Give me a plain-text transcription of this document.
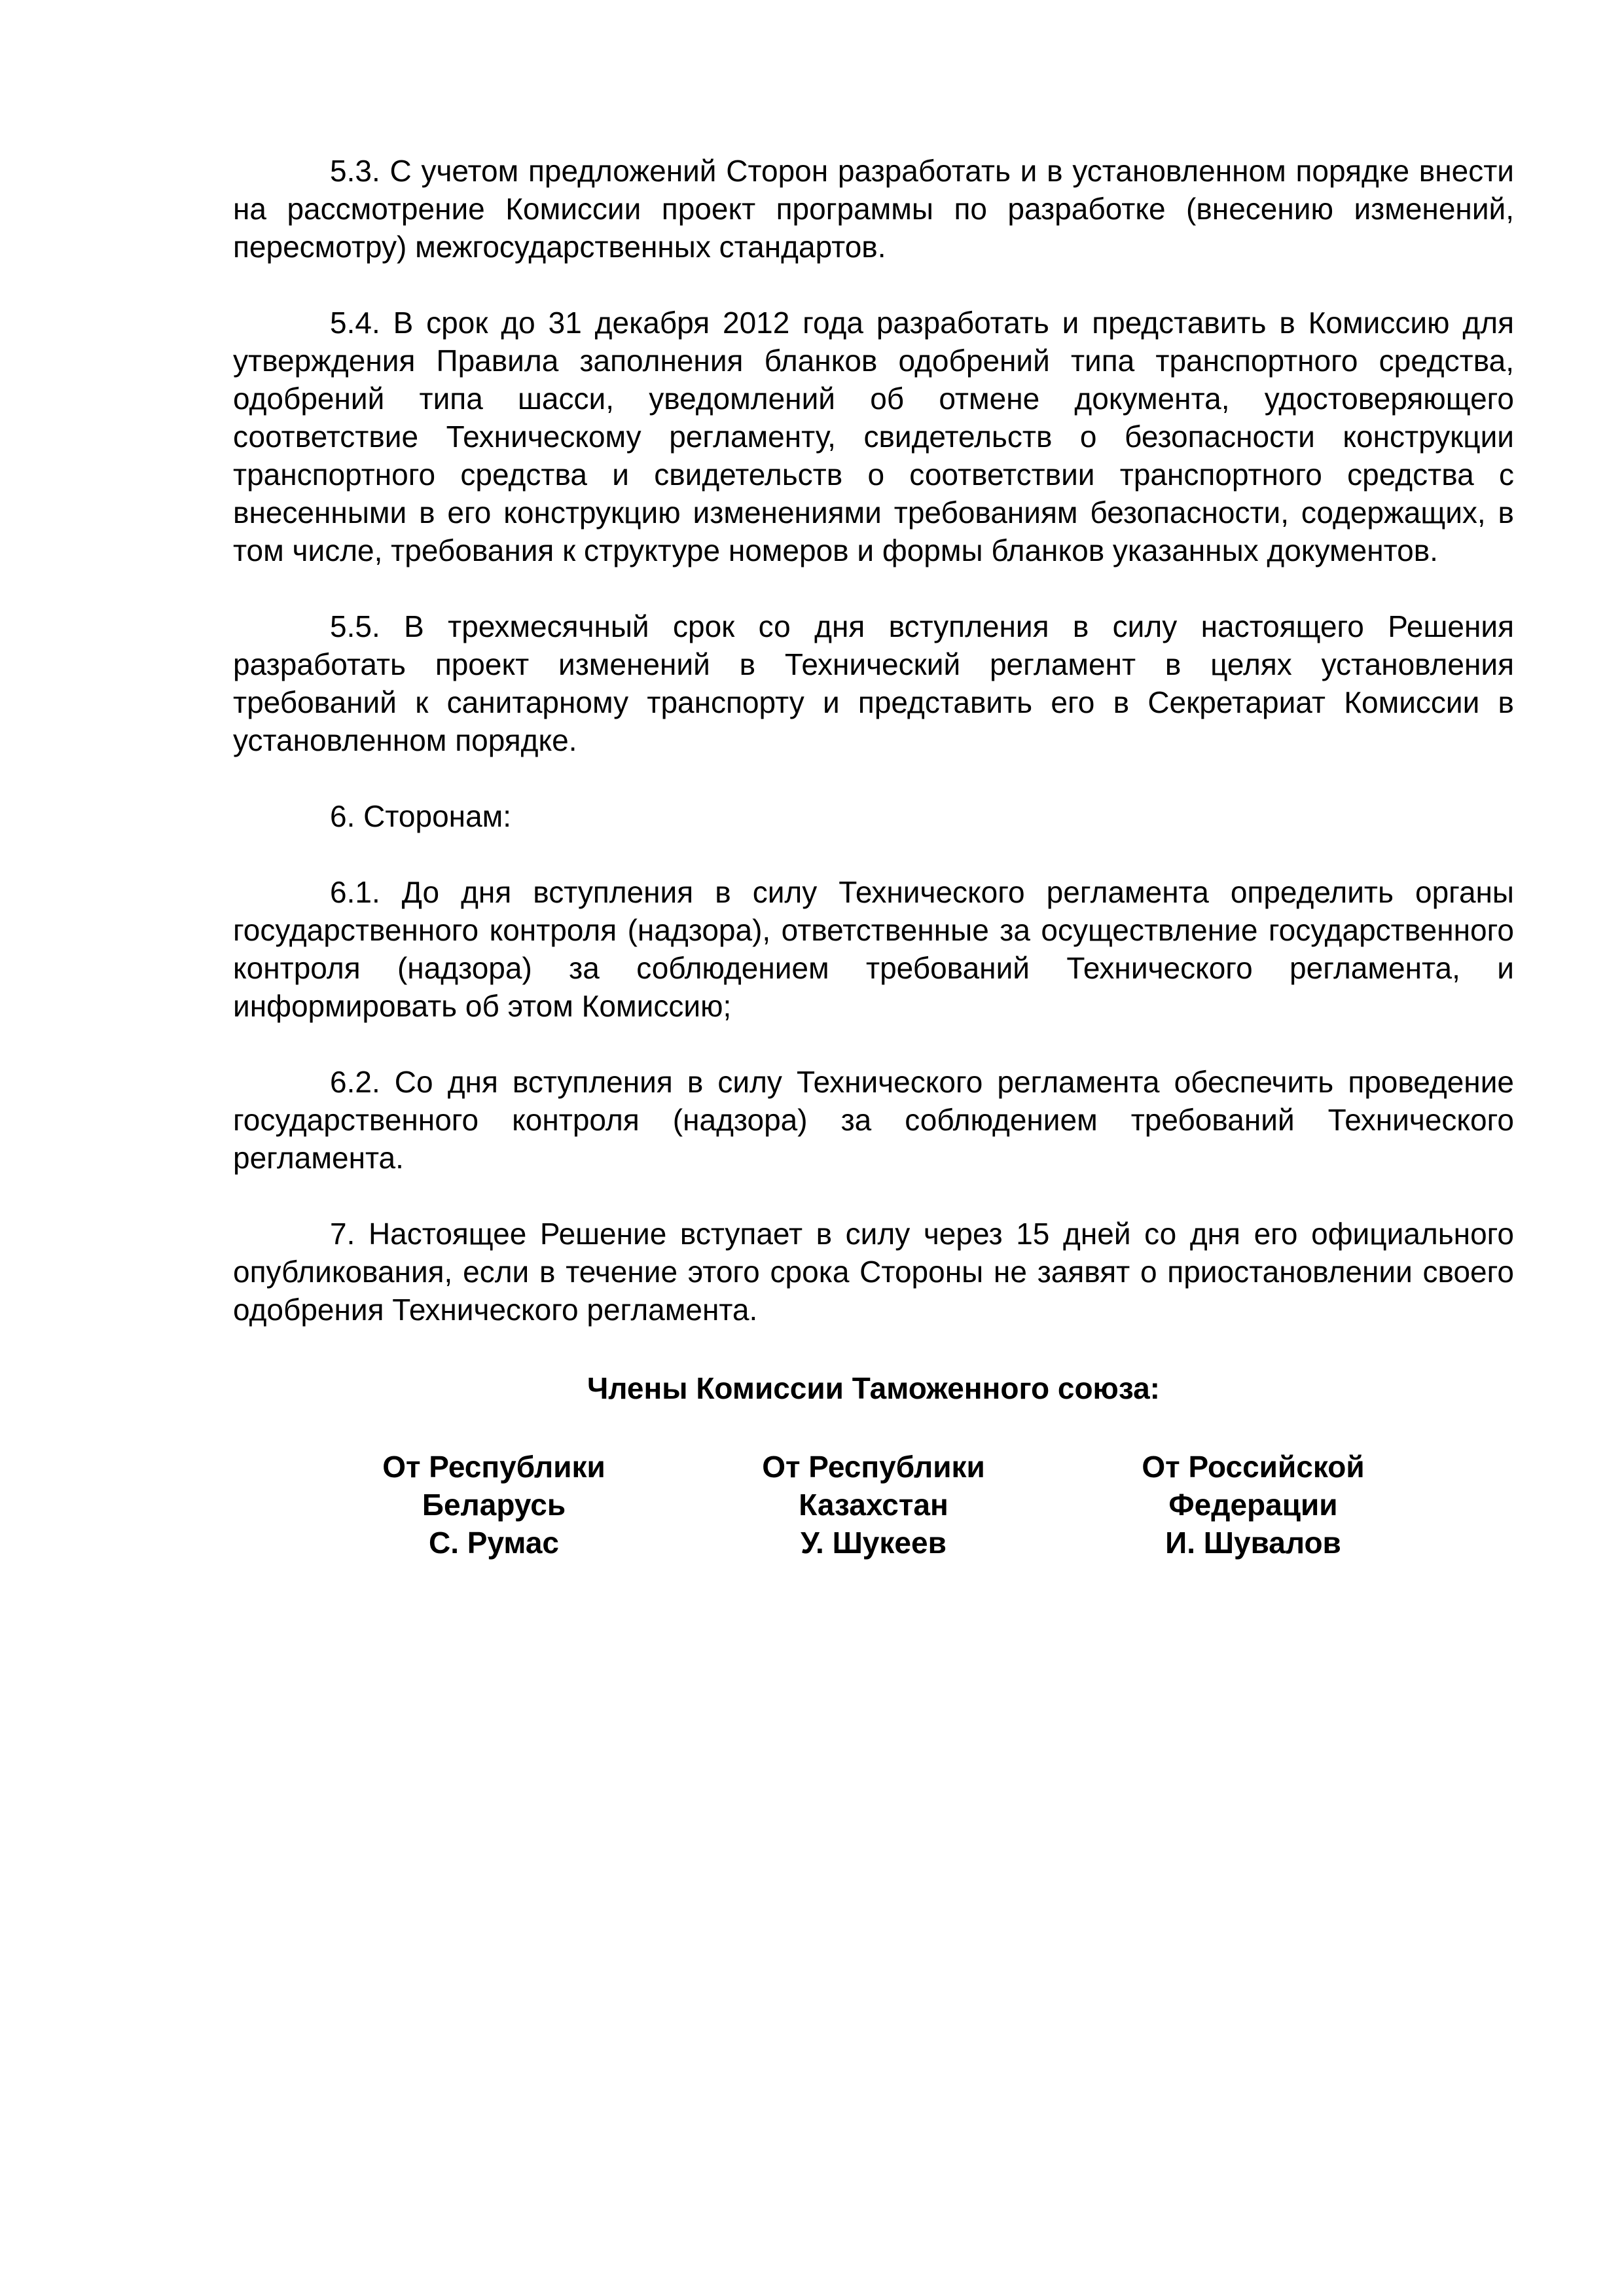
5.3. С учетом предложений Сторон разработать и в установленном порядке внести на рассмотрение Комиссии проект программы по разработке (внесению изменений, пересмотру) межгосударственных стандартов.

5.4. В срок до 31 декабря 2012 года разработать и представить в Комиссию для утверждения Правила заполнения бланков одобрений типа транспортного средства, одобрений типа шасси, уведомлений об отмене документа, удостоверяющего соответствие Техническому регламенту, свидетельств о безопасности конструкции транспортного средства и свидетельств о соответствии транспортного средства с внесенными в его конструкцию изменениями требованиям безопасности, содержащих, в том числе, требования к структуре номеров и формы бланков указанных документов.

5.5. В трехмесячный срок со дня вступления в силу настоящего Решения разработать проект изменений в Технический регламент в целях установления требований к санитарному транспорту и представить его в Секретариат Комиссии в установленном порядке.

6. Сторонам:

6.1. До дня вступления в силу Технического регламента определить органы государственного контроля (надзора), ответственные за осуществление государственного контроля (надзора) за соблюдением требований Технического регламента, и информировать об этом Комиссию;

6.2. Со дня вступления в силу Технического регламента обеспечить проведение государственного контроля (надзора) за соблюдением требований Технического регламента.

7. Настоящее Решение вступает в силу через 15 дней со дня его официального опубликования, если в течение этого срока Стороны не заявят о приостановлении своего одобрения Технического регламента.

Члены Комиссии Таможенного союза:

От Республики
Беларусь
С. Румас
От Республики
Казахстан
У. Шукеев
От Российской
Федерации
И. Шувалов
